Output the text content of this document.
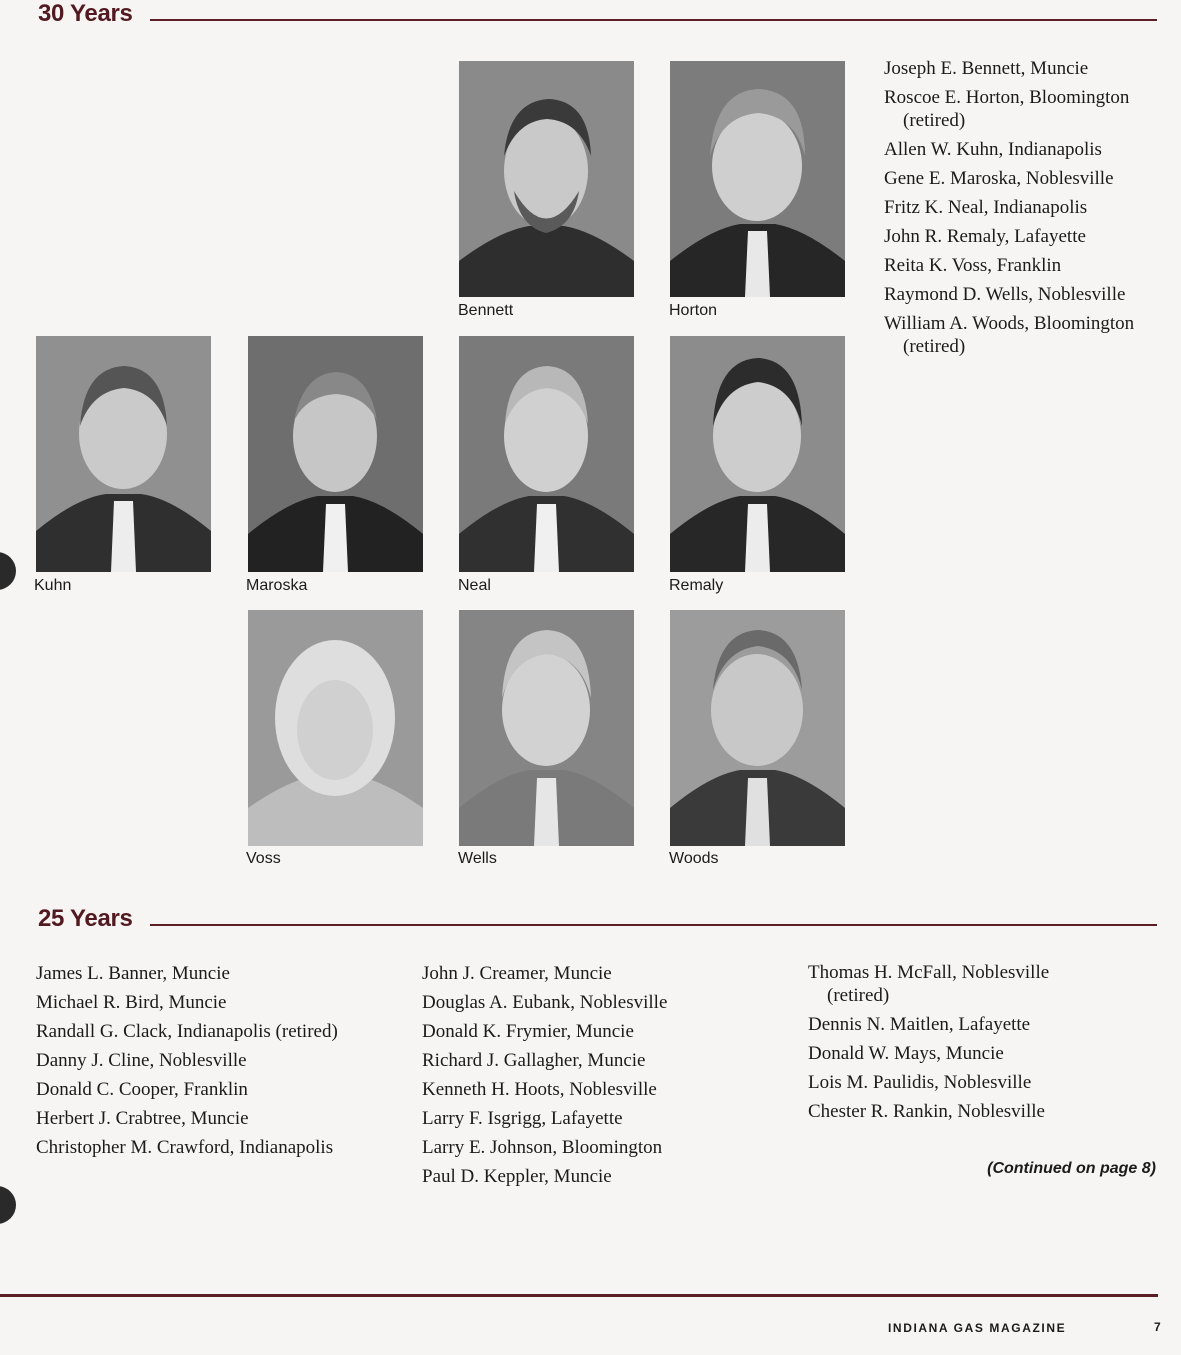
30 Years
Bennett	Horton
Kuhn	Maroska	Neal	Remaly
Voss	Wells	Woods
Joseph E. Bennett, Muncie
Roscoe E. Horton, Bloomington (retired)
Allen W. Kuhn, Indianapolis
Gene E. Maroska, Noblesville
Fritz K. Neal, Indianapolis
John R. Remaly, Lafayette
Reita K. Voss, Franklin
Raymond D. Wells, Noblesville
William A. Woods, Bloomington (retired)
25 Years
James L. Banner, Muncie
Michael R. Bird, Muncie
Randall G. Clack, Indianapolis (retired)
Danny J. Cline, Noblesville
Donald C. Cooper, Franklin
Herbert J. Crabtree, Muncie
Christopher M. Crawford, Indianapolis
John J. Creamer, Muncie
Douglas A. Eubank, Noblesville
Donald K. Frymier, Muncie
Richard J. Gallagher, Muncie
Kenneth H. Hoots, Noblesville
Larry F. Isgrigg, Lafayette
Larry E. Johnson, Bloomington
Paul D. Keppler, Muncie
Thomas H. McFall, Noblesville (retired)
Dennis N. Maitlen, Lafayette
Donald W. Mays, Muncie
Lois M. Paulidis, Noblesville
Chester R. Rankin, Noblesville
(Continued on page 8)
INDIANA GAS MAGAZINE	7
